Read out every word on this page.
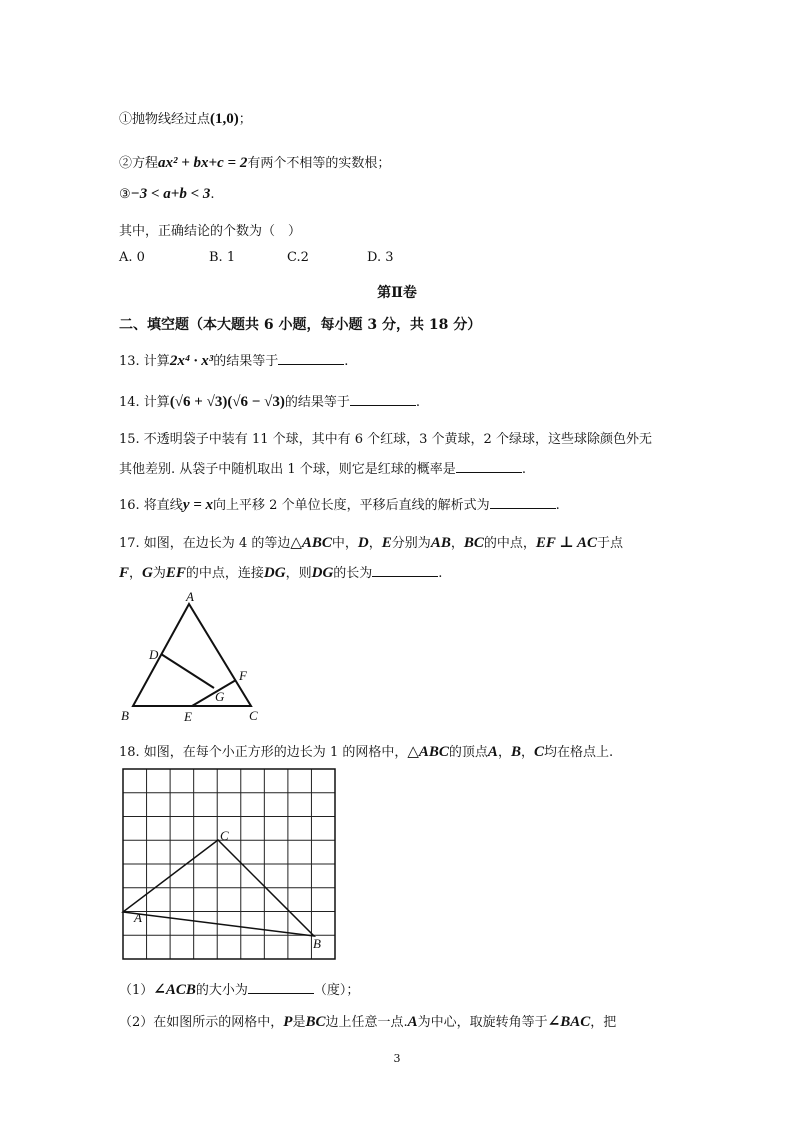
①抛物线经过点(1,0)；
②方程ax² + bx+c = 2有两个不相等的实数根；
③−3 < a+b < 3.
其中，正确结论的个数为（　）
A. 0	B. 1	C.2	D. 3
第Ⅱ卷
二、填空题（本大题共 6 小题，每小题 3 分，共 18 分）
13. 计算2x⁴ · x³的结果等于	.
14. 计算(√6 + √3)(√6 − √3)的结果等于	.
15. 不透明袋子中装有 11 个球，其中有 6 个红球，3 个黄球，2 个绿球，这些球除颜色外无
其他差别. 从袋子中随机取出 1 个球，则它是红球的概率是	.
16. 将直线y = x向上平移 2 个单位长度，平移后直线的解析式为	.
17. 如图，在边长为 4 的等边△ABC中，D，E分别为AB，BC的中点，EF ⊥ AC于点
F，G为EF的中点，连接DG，则DG的长为	.
A
D
F
G
B	E	C
18. 如图，在每个小正方形的边长为 1 的网格中，△ABC的顶点A，B，C均在格点上.
C
A
B
（1）∠ACB的大小为	（度）；
（2）在如图所示的网格中，P是BC边上任意一点.A为中心，取旋转角等于∠BAC，把
3
